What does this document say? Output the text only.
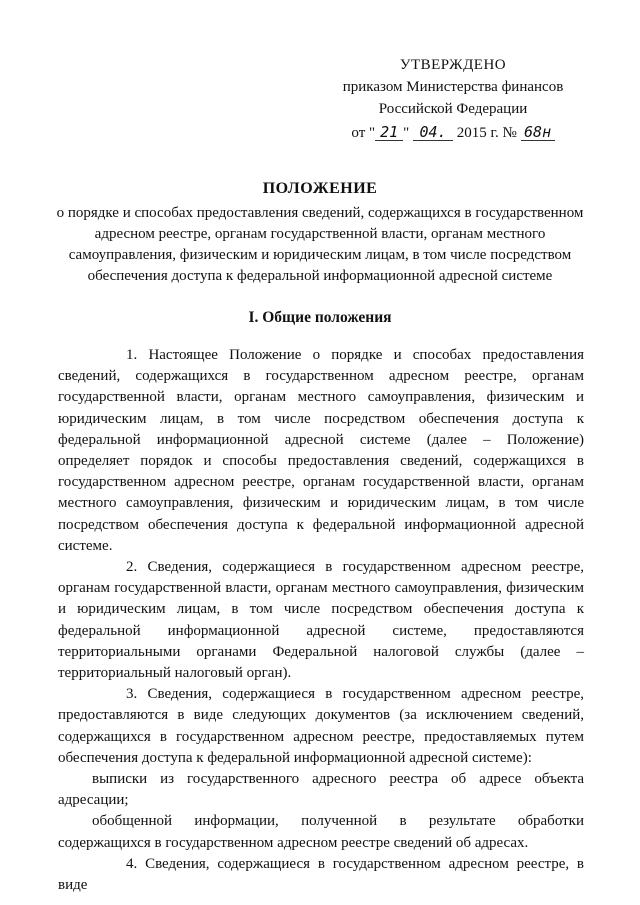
УТВЕРЖДЕНО
приказом Министерства финансов
Российской Федерации
от " 21 " 04. 2015 г. № 68н
ПОЛОЖЕНИЕ
о порядке и способах предоставления сведений, содержащихся в государственном адресном реестре, органам государственной власти, органам местного самоуправления, физическим и юридическим лицам, в том числе посредством обеспечения доступа к федеральной информационной адресной системе
I. Общие положения

1. Настоящее Положение о порядке и способах предоставления сведений, содержащихся в государственном адресном реестре, органам государственной власти, органам местного самоуправления, физическим и юридическим лицам, в том числе посредством обеспечения доступа к федеральной информационной адресной системе (далее – Положение) определяет порядок и способы предоставления сведений, содержащихся в государственном адресном реестре, органам государственной власти, органам местного самоуправления, физическим и юридическим лицам, в том числе посредством обеспечения доступа к федеральной информационной адресной системе.

2. Сведения, содержащиеся в государственном адресном реестре, органам государственной власти, органам местного самоуправления, физическим и юридическим лицам, в том числе посредством обеспечения доступа к федеральной информационной адресной системе, предоставляются территориальными органами Федеральной налоговой службы (далее – территориальный налоговый орган).

3. Сведения, содержащиеся в государственном адресном реестре, предоставляются в виде следующих документов (за исключением сведений, содержащихся в государственном адресном реестре, предоставляемых путем обеспечения доступа к федеральной информационной адресной системе):

выписки из государственного адресного реестра об адресе объекта адресации;

обобщенной информации, полученной в результате обработки содержащихся в государственном адресном реестре сведений об адресах.

4. Сведения, содержащиеся в государственном адресном реестре, в виде
